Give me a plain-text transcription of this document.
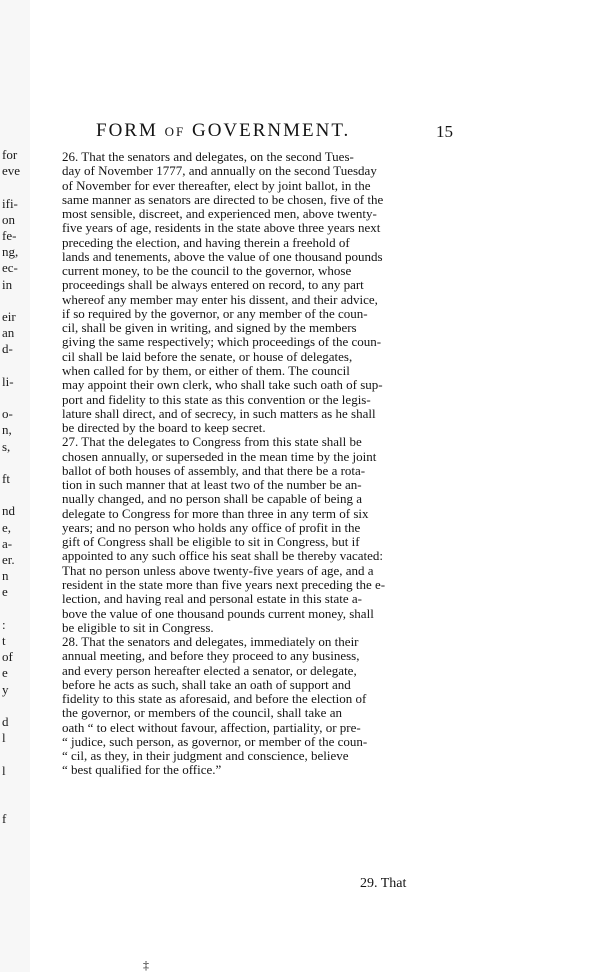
for
eve
ifi-
on
fe-
ng,
ec-
in
eir
an
d-
li-
o-
n,
s,
ft
nd
e,
a-
er.
n
e
:
t
of
e
y
d
l
l
f
FORM of GOVERNMENT.	15
26. That the senators and delegates, on the second Tues-
day of November 1777, and annually on the second Tuesday
of November for ever thereafter, elect by joint ballot, in the
same manner as senators are directed to be chosen, five of the
most sensible, discreet, and experienced men, above twenty-
five years of age, residents in the state above three years next
preceding the election, and having therein a freehold of
lands and tenements, above the value of one thousand pounds
current money, to be the council to the governor, whose
proceedings shall be always entered on record, to any part
whereof any member may enter his dissent, and their advice,
if so required by the governor, or any member of the coun-
cil, shall be given in writing, and signed by the members
giving the same respectively; which proceedings of the coun-
cil shall be laid before the senate, or house of delegates,
when called for by them, or either of them. The council
may appoint their own clerk, who shall take such oath of sup-
port and fidelity to this state as this convention or the legis-
lature shall direct, and of secrecy, in such matters as he shall
be directed by the board to keep secret.
27. That the delegates to Congress from this state shall be
chosen annually, or superseded in the mean time by the joint
ballot of both houses of assembly, and that there be a rota-
tion in such manner that at least two of the number be an-
nually changed, and no person shall be capable of being a
delegate to Congress for more than three in any term of six
years; and no person who holds any office of profit in the
gift of Congress shall be eligible to sit in Congress, but if
appointed to any such office his seat shall be thereby vacated:
That no person unless above twenty-five years of age, and a
resident in the state more than five years next preceding the e-
lection, and having real and personal estate in this state a-
bove the value of one thousand pounds current money, shall
be eligible to sit in Congress.
28. That the senators and delegates, immediately on their
annual meeting, and before they proceed to any business,
and every person hereafter elected a senator, or delegate,
before he acts as such, shall take an oath of support and
fidelity to this state as aforesaid, and before the election of
the governor, or members of the council, shall take an
oath “ to elect without favour, affection, partiality, or pre-
“ judice, such person, as governor, or member of the coun-
“ cil, as they, in their judgment and conscience, believe
“ best qualified for the office.”
29. That
‡
